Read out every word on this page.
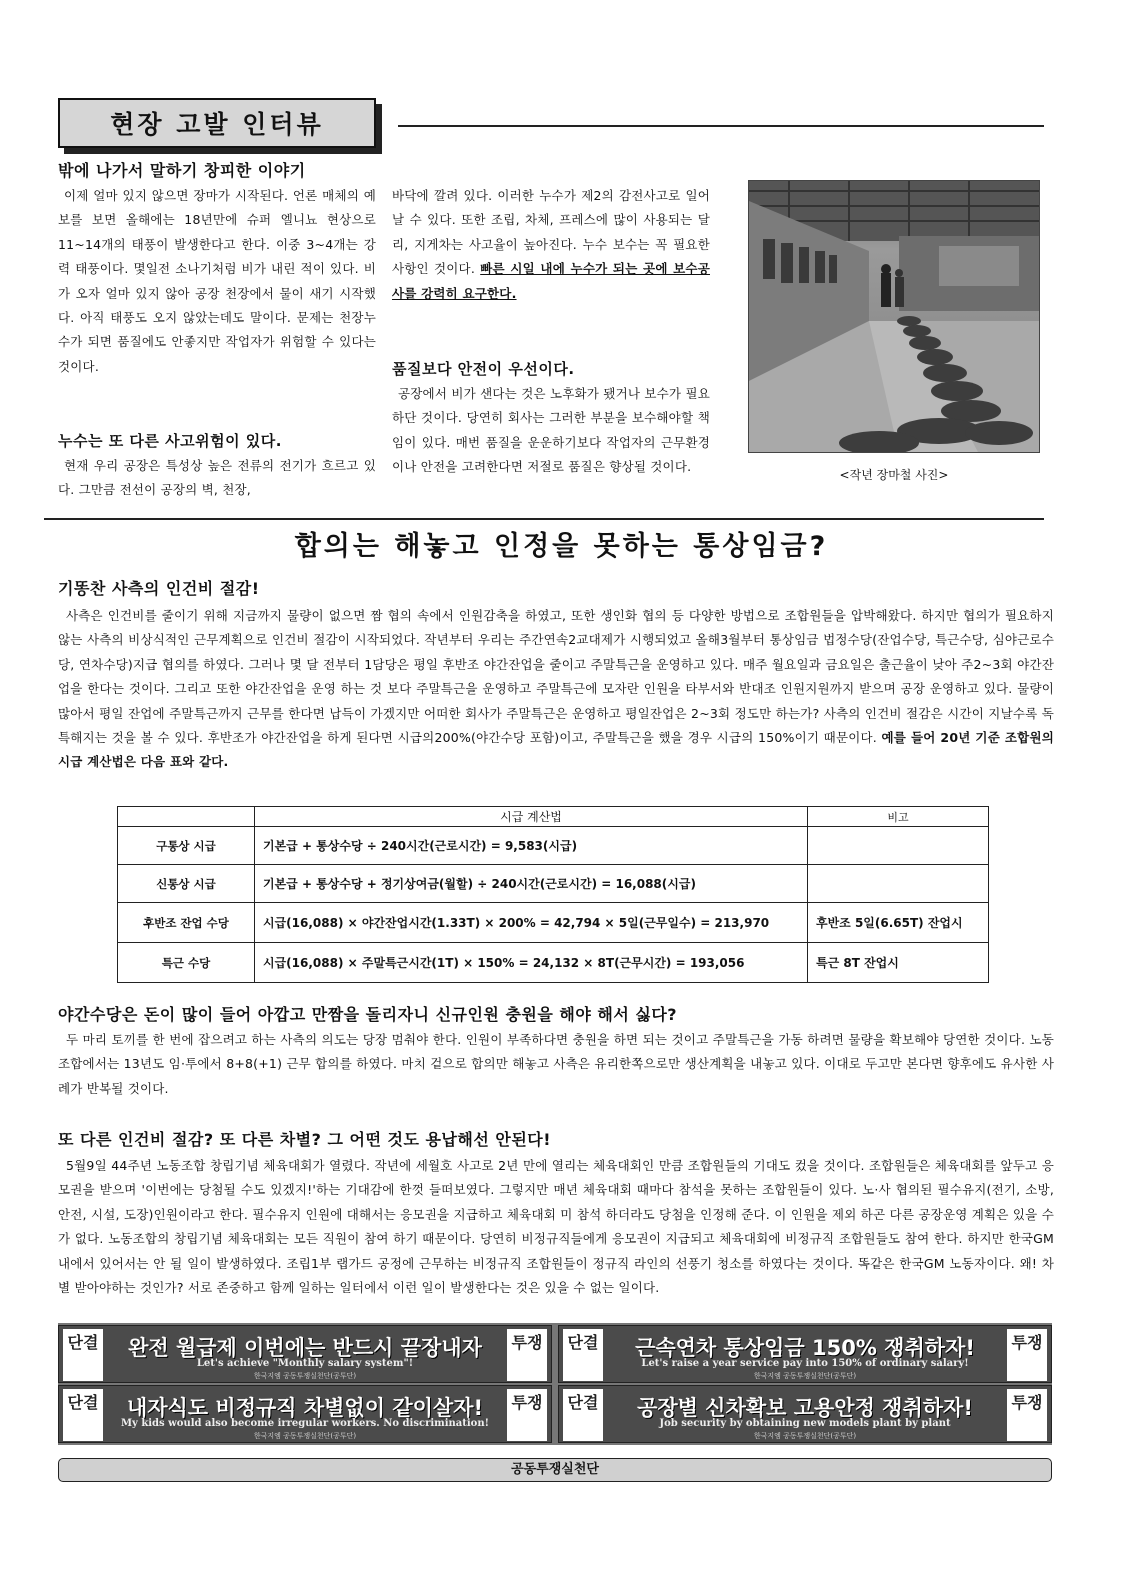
현장 고발 인터뷰
밖에 나가서 말하기 창피한 이야기
이제 얼마 있지 않으면 장마가 시작된다. 언론 매체의 예보를 보면 올해에는 18년만에 슈퍼 엘니뇨 현상으로 11~14개의 태풍이 발생한다고 한다. 이중 3~4개는 강력 태풍이다. 몇일전 소나기처럼 비가 내린 적이 있다. 비가 오자 얼마 있지 않아 공장 천장에서 물이 새기 시작했다. 아직 태풍도 오지 않았는데도 말이다. 문제는 천장누수가 되면 품질에도 안좋지만 작업자가 위험할 수 있다는 것이다.
누수는 또 다른 사고위험이 있다.
현재 우리 공장은 특성상 높은 전류의 전기가 흐르고 있다. 그만큼 전선이 공장의 벽, 천장,
바닥에 깔려 있다. 이러한 누수가 제2의 감전사고로 일어날 수 있다. 또한 조립, 차체, 프레스에 많이 사용되는 달리, 지게차는 사고율이 높아진다. 누수 보수는 꼭 필요한 사항인 것이다. 빠른 시일 내에 누수가 되는 곳에 보수공사를 강력히 요구한다.
품질보다 안전이 우선이다.
공장에서 비가 샌다는 것은 노후화가 됐거나 보수가 필요하단 것이다. 당연히 회사는 그러한 부분을 보수해야할 책임이 있다. 매번 품질을 운운하기보다 작업자의 근무환경이나 안전을 고려한다면 저절로 품질은 향상될 것이다.
<작년 장마철 사진>
합의는 해놓고 인정을 못하는 통상임금?
기똥찬 사측의 인건비 절감!
사측은 인건비를 줄이기 위해 지금까지 물량이 없으면 짬 협의 속에서 인원감축을 하였고, 또한 생인화 협의 등 다양한 방법으로 조합원들을 압박해왔다. 하지만 협의가 필요하지 않는 사측의 비상식적인 근무계획으로 인건비 절감이 시작되었다. 작년부터 우리는 주간연속2교대제가 시행되었고 올해3월부터 통상임금 법정수당(잔업수당, 특근수당, 심야근로수당, 연차수당)지급 협의를 하였다. 그러나 몇 달 전부터 1담당은 평일 후반조 야간잔업을 줄이고 주말특근을 운영하고 있다. 매주 월요일과 금요일은 출근율이 낮아 주2~3회 야간잔업을 한다는 것이다. 그리고 또한 야간잔업을 운영 하는 것 보다 주말특근을 운영하고 주말특근에 모자란 인원을 타부서와 반대조 인원지원까지 받으며 공장 운영하고 있다. 물량이 많아서 평일 잔업에 주말특근까지 근무를 한다면 납득이 가겠지만 어떠한 회사가 주말특근은 운영하고 평일잔업은 2~3회 정도만 하는가? 사측의 인건비 절감은 시간이 지날수록 독특해지는 것을 볼 수 있다. 후반조가 야간잔업을 하게 된다면 시급의200%(야간수당 포함)이고, 주말특근을 했을 경우 시급의 150%이기 때문이다. 예를 들어 20년 기준 조합원의 시급 계산법은 다음 표와 같다.
	시급 계산법	비고
구통상 시급	기본급 + 통상수당 ÷ 240시간(근로시간) = 9,583(시급)	
신통상 시급	기본급 + 통상수당 + 정기상여금(월할) ÷ 240시간(근로시간) = 16,088(시급)	
후반조 잔업 수당	시급(16,088) × 야간잔업시간(1.33T) × 200% = 42,794 × 5일(근무일수) = 213,970	후반조 5일(6.65T) 잔업시
특근 수당	시급(16,088) × 주말특근시간(1T) × 150% = 24,132 × 8T(근무시간) = 193,056	특근 8T 잔업시
야간수당은 돈이 많이 들어 아깝고 만짬을 돌리자니 신규인원 충원을 해야 해서 싫다?
두 마리 토끼를 한 번에 잡으려고 하는 사측의 의도는 당장 멈춰야 한다. 인원이 부족하다면 충원을 하면 되는 것이고 주말특근을 가동 하려면 물량을 확보해야 당연한 것이다. 노동조합에서는 13년도 임·투에서 8+8(+1) 근무 합의를 하였다. 마치 겉으로 합의만 해놓고 사측은 유리한쪽으로만 생산계획을 내놓고 있다. 이대로 두고만 본다면 향후에도 유사한 사례가 반복될 것이다.
또 다른 인건비 절감? 또 다른 차별? 그 어떤 것도 용납해선 안된다!
5월9일 44주년 노동조합 창립기념 체육대회가 열렸다. 작년에 세월호 사고로 2년 만에 열리는 체육대회인 만큼 조합원들의 기대도 컸을 것이다. 조합원들은 체육대회를 앞두고 응모권을 받으며 '이번에는 당첨될 수도 있겠지!'하는 기대감에 한껏 들떠보였다. 그렇지만 매년 체육대회 때마다 참석을 못하는 조합원들이 있다. 노·사 협의된 필수유지(전기, 소방, 안전, 시설, 도장)인원이라고 한다. 필수유지 인원에 대해서는 응모권을 지급하고 체육대회 미 참석 하더라도 당첨을 인정해 준다. 이 인원을 제외 하곤 다른 공장운영 계획은 있을 수가 없다. 노동조합의 창립기념 체육대회는 모든 직원이 참여 하기 때문이다. 당연히 비정규직들에게 응모권이 지급되고 체육대회에 비정규직 조합원들도 참여 한다. 하지만 한국GM 내에서 있어서는 안 될 일이 발생하였다. 조립1부 랩가드 공정에 근무하는 비정규직 조합원들이 정규직 라인의 선풍기 청소를 하였다는 것이다. 똑같은 한국GM 노동자이다. 왜! 차별 받아야하는 것인가? 서로 존중하고 함께 일하는 일터에서 이런 일이 발생한다는 것은 있을 수 없는 일이다.
단결	완전 월급제 이번에는 반드시 끝장내자
Let's achieve "Monthly salary system"!
한국지엠 공동투쟁실천단(공투단)
투쟁 단결	근속연차 통상임금 150% 쟁취하자!
Let's raise a year service pay into 150% of ordinary salary!
한국지엠 공동투쟁실천단(공투단)
투쟁
단결	내자식도 비정규직 차별없이 같이살자!
My kids would also become irregular workers. No discrimination!
한국지엠 공동투쟁실천단(공투단)
투쟁 단결	공장별 신차확보 고용안정 쟁취하자!
Job security by obtaining new models plant by plant
한국지엠 공동투쟁실천단(공투단)
투쟁
공동투쟁실천단
